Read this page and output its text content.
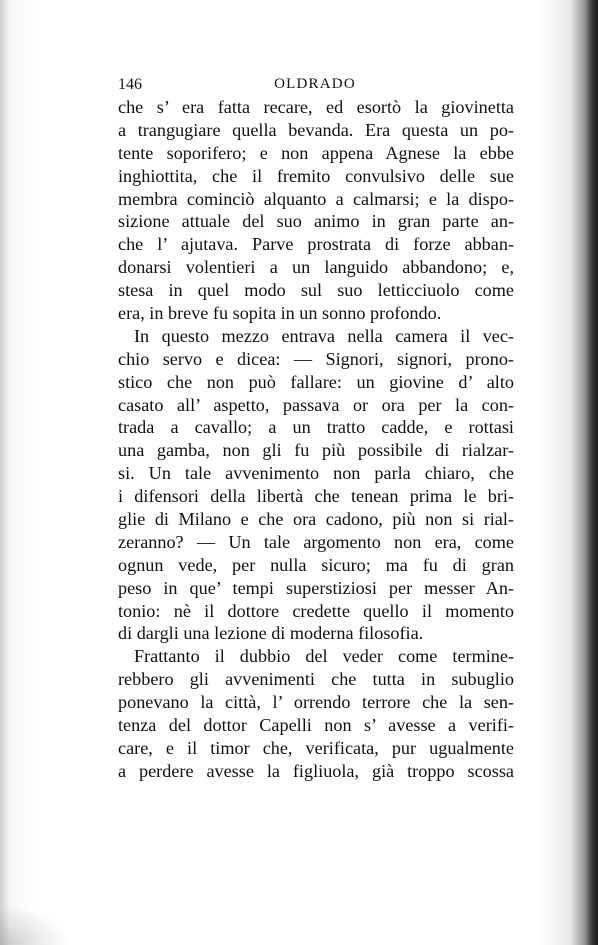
146	OLDRADO
che s’ era fatta recare, ed esortò la giovinetta
a trangugiare quella bevanda. Era questa un po-
tente soporifero; e non appena Agnese la ebbe
inghiottita, che il fremito convulsivo delle sue
membra cominciò alquanto a calmarsi; e la dispo-
sizione attuale del suo animo in gran parte an-
che l’ ajutava. Parve prostrata di forze abban-
donarsi volentieri a un languido abbandono; e,
stesa in quel modo sul suo letticciuolo come
era, in breve fu sopita in un sonno profondo.
In questo mezzo entrava nella camera il vec-
chio servo e dicea: — Signori, signori, prono-
stico che non può fallare: un giovine d’ alto
casato all’ aspetto, passava or ora per la con-
trada a cavallo; a un tratto cadde, e rottasi
una gamba, non gli fu più possibile di rialzar-
si. Un tale avvenimento non parla chiaro, che
i difensori della libertà che tenean prima le bri-
glie di Milano e che ora cadono, più non si rial-
zeranno? — Un tale argomento non era, come
ognun vede, per nulla sicuro; ma fu di gran
peso in que’ tempi superstiziosi per messer An-
tonio: nè il dottore credette quello il momento
di dargli una lezione di moderna filosofia.
Frattanto il dubbio del veder come termine-
rebbero gli avvenimenti che tutta in subuglio
ponevano la città, l’ orrendo terrore che la sen-
tenza del dottor Capelli non s’ avesse a verifi-
care, e il timor che, verificata, pur ugualmente
a perdere avesse la figliuola, già troppo scossa
